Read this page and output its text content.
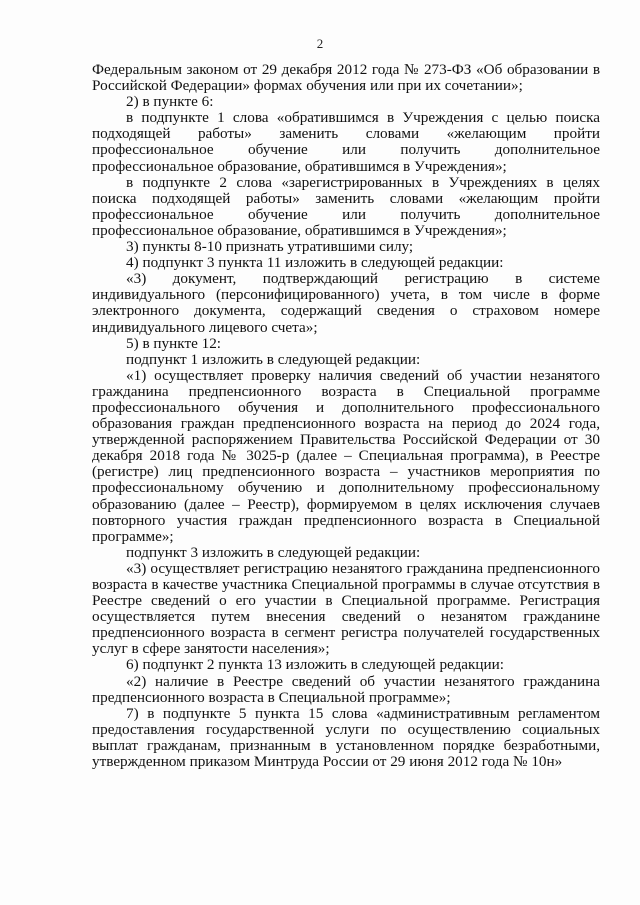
2

Федеральным законом от 29 декабря 2012 года № 273-ФЗ «Об образовании в Российской Федерации» формах обучения или при их сочетании»;

2) в пункте 6:

в подпункте 1 слова «обратившимся в Учреждения с целью поиска подходящей работы» заменить словами «желающим пройти профессиональное обучение или получить дополнительное профессиональное образование, обратившимся в Учреждения»;

в подпункте 2 слова «зарегистрированных в Учреждениях в целях поиска подходящей работы» заменить словами «желающим пройти профессиональное обучение или получить дополнительное профессиональное образование, обратившимся в Учреждения»;

3) пункты 8-10 признать утратившими силу;

4) подпункт 3 пункта 11 изложить в следующей редакции:

«3) документ, подтверждающий регистрацию в системе индивидуального (персонифицированного) учета, в том числе в форме электронного документа, содержащий сведения о страховом номере индивидуального лицевого счета»;

5) в пункте 12:

подпункт 1 изложить в следующей редакции:

«1) осуществляет проверку наличия сведений об участии незанятого гражданина предпенсионного возраста в Специальной программе профессионального обучения и дополнительного профессионального образования граждан предпенсионного возраста на период до 2024 года, утвержденной распоряжением Правительства Российской Федерации от 30 декабря 2018 года № 3025-р (далее – Специальная программа), в Реестре (регистре) лиц предпенсионного возраста – участников мероприятия по профессиональному обучению и дополнительному профессиональному образованию (далее – Реестр), формируемом в целях исключения случаев повторного участия граждан предпенсионного возраста в Специальной программе»;

подпункт 3 изложить в следующей редакции:

«3) осуществляет регистрацию незанятого гражданина предпенсионного возраста в качестве участника Специальной программы в случае отсутствия в Реестре сведений о его участии в Специальной программе. Регистрация осуществляется путем внесения сведений о незанятом гражданине предпенсионного возраста в сегмент регистра получателей государственных услуг в сфере занятости населения»;

6) подпункт 2 пункта 13 изложить в следующей редакции:

«2) наличие в Реестре сведений об участии незанятого гражданина предпенсионного возраста в Специальной программе»;

7) в подпункте 5 пункта 15 слова «административным регламентом предоставления государственной услуги по осуществлению социальных выплат гражданам, признанным в установленном порядке безработными, утвержденном приказом Минтруда России от 29 июня 2012 года № 10н»
